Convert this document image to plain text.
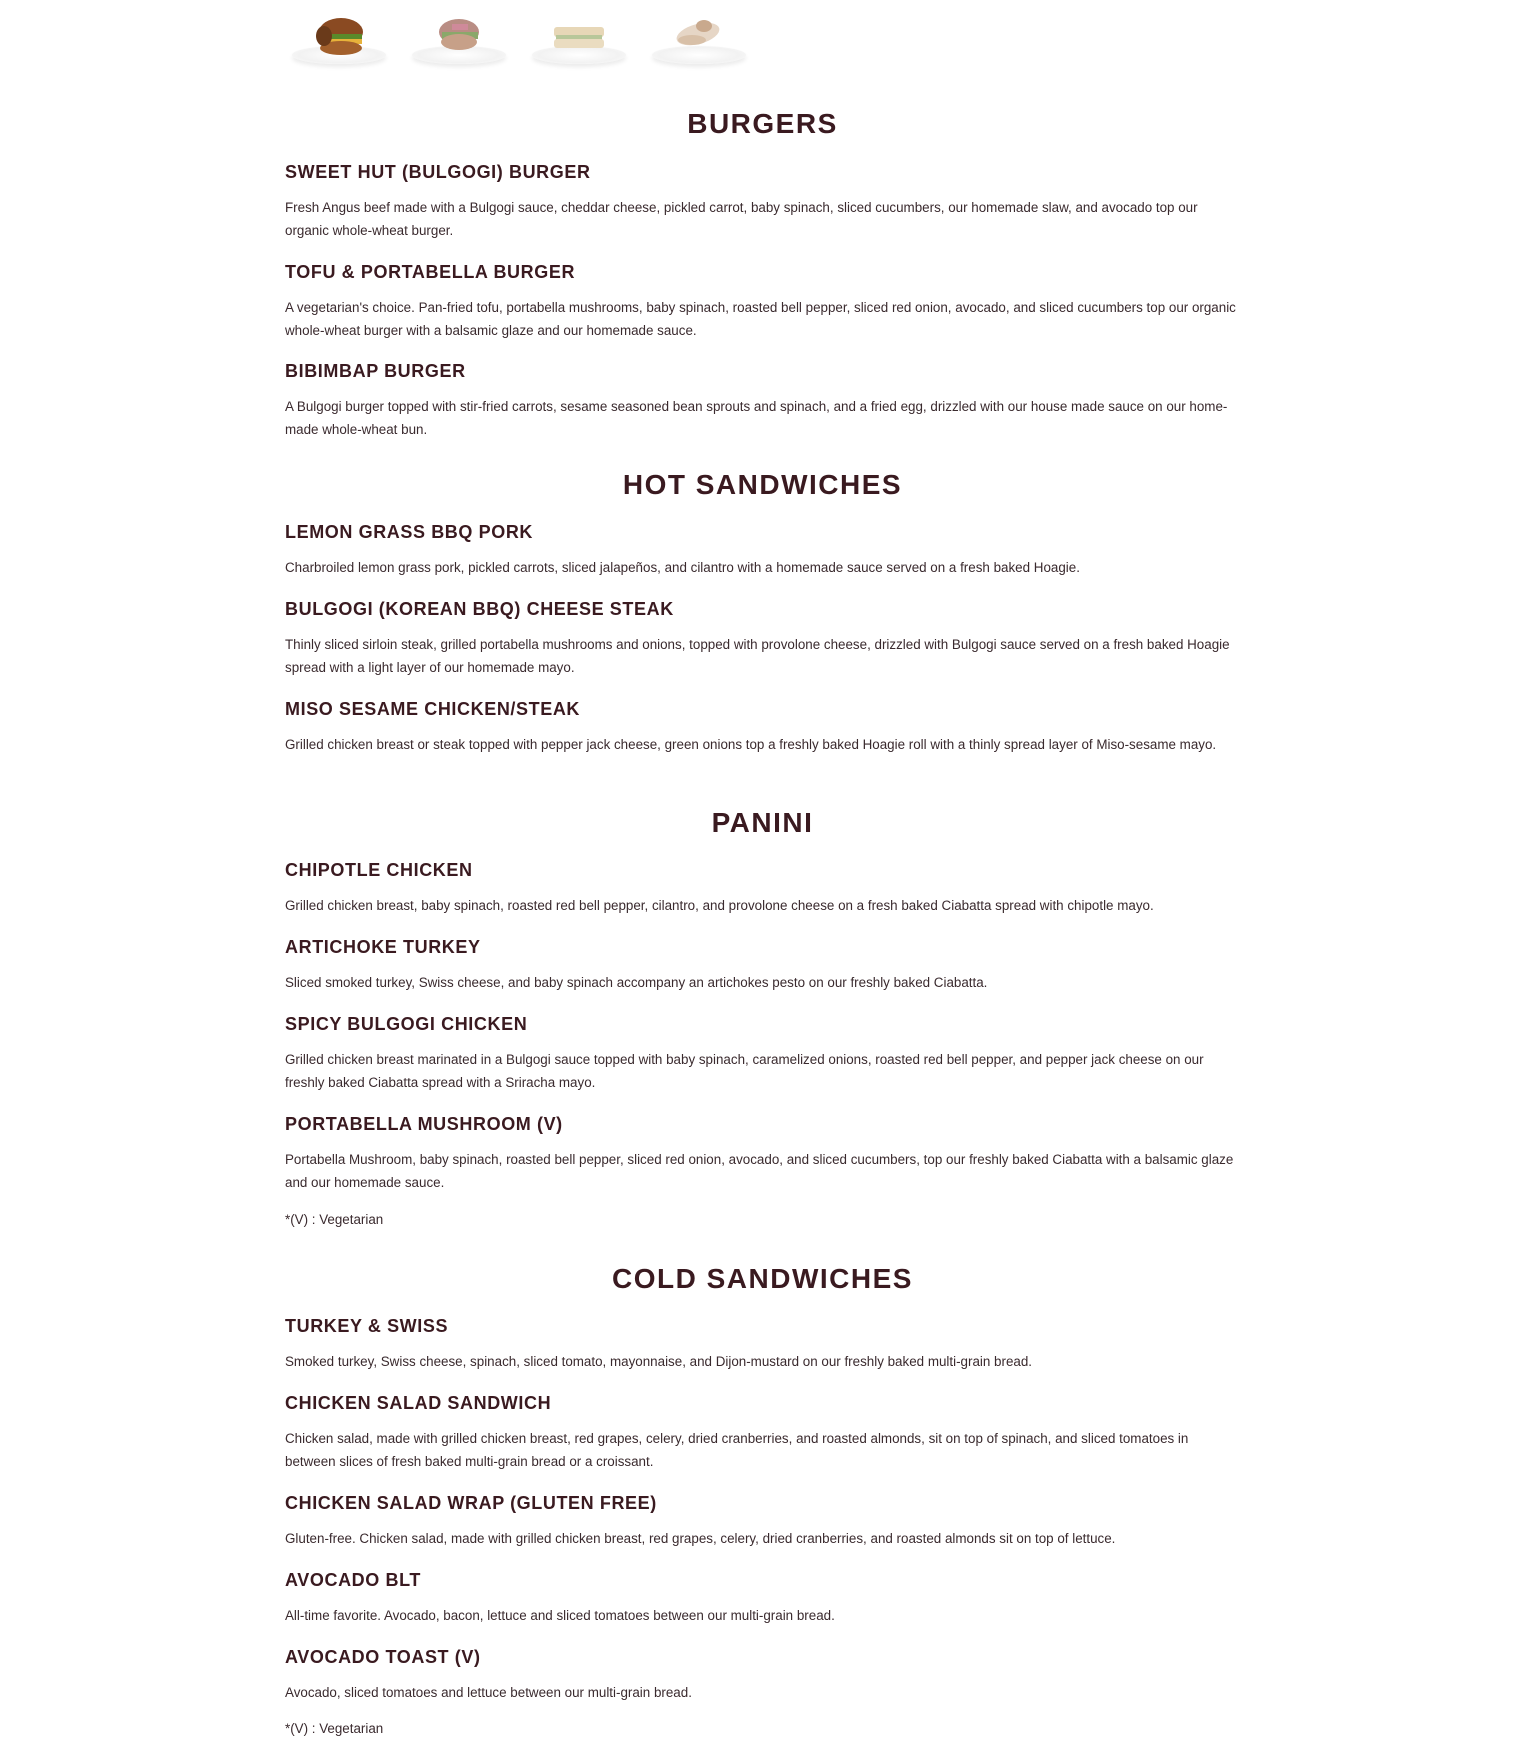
BURGERS
SWEET HUT (BULGOGI) BURGER

Fresh Angus beef made with a Bulgogi sauce, cheddar cheese, pickled carrot, baby spinach, sliced cucumbers, our homemade slaw, and avocado top our organic whole-wheat burger.

TOFU & PORTABELLA BURGER

A vegetarian's choice. Pan-fried tofu, portabella mushrooms, baby spinach, roasted bell pepper, sliced red onion, avocado, and sliced cucumbers top our organic whole-wheat burger with a balsamic glaze and our homemade sauce.

BIBIMBAP BURGER

A Bulgogi burger topped with stir-fried carrots, sesame seasoned bean sprouts and spinach, and a fried egg, drizzled with our house made sauce on our home-made whole-wheat bun.

HOT SANDWICHES
LEMON GRASS BBQ PORK

Charbroiled lemon grass pork, pickled carrots, sliced jalapeños, and cilantro with a homemade sauce served on a fresh baked Hoagie.

BULGOGI (KOREAN BBQ) CHEESE STEAK

Thinly sliced sirloin steak, grilled portabella mushrooms and onions, topped with provolone cheese, drizzled with Bulgogi sauce served on a fresh baked Hoagie spread with a light layer of our homemade mayo.

MISO SESAME CHICKEN/STEAK

Grilled chicken breast or steak topped with pepper jack cheese, green onions top a freshly baked Hoagie roll with a thinly spread layer of Miso-sesame mayo.

PANINI
CHIPOTLE CHICKEN

Grilled chicken breast, baby spinach, roasted red bell pepper, cilantro, and provolone cheese on a fresh baked Ciabatta spread with chipotle mayo.

ARTICHOKE TURKEY

Sliced smoked turkey, Swiss cheese, and baby spinach accompany an artichokes pesto on our freshly baked Ciabatta.

SPICY BULGOGI CHICKEN

Grilled chicken breast marinated in a Bulgogi sauce topped with baby spinach, caramelized onions, roasted red bell pepper, and pepper jack cheese on our freshly baked Ciabatta spread with a Sriracha mayo.

PORTABELLA MUSHROOM (V)

Portabella Mushroom, baby spinach, roasted bell pepper, sliced red onion, avocado, and sliced cucumbers, top our freshly baked Ciabatta with a balsamic glaze and our homemade sauce.

*(V) : Vegetarian

COLD SANDWICHES
TURKEY & SWISS

Smoked turkey, Swiss cheese, spinach, sliced tomato, mayonnaise, and Dijon-mustard on our freshly baked multi-grain bread.

CHICKEN SALAD SANDWICH

Chicken salad, made with grilled chicken breast, red grapes, celery, dried cranberries, and roasted almonds, sit on top of spinach, and sliced tomatoes in between slices of fresh baked multi-grain bread or a croissant.

CHICKEN SALAD WRAP (GLUTEN FREE)

Gluten-free. Chicken salad, made with grilled chicken breast, red grapes, celery, dried cranberries, and roasted almonds sit on top of lettuce.

AVOCADO BLT

All-time favorite. Avocado, bacon, lettuce and sliced tomatoes between our multi-grain bread.

AVOCADO TOAST (V)

Avocado, sliced tomatoes and lettuce between our multi-grain bread.

*(V) : Vegetarian
